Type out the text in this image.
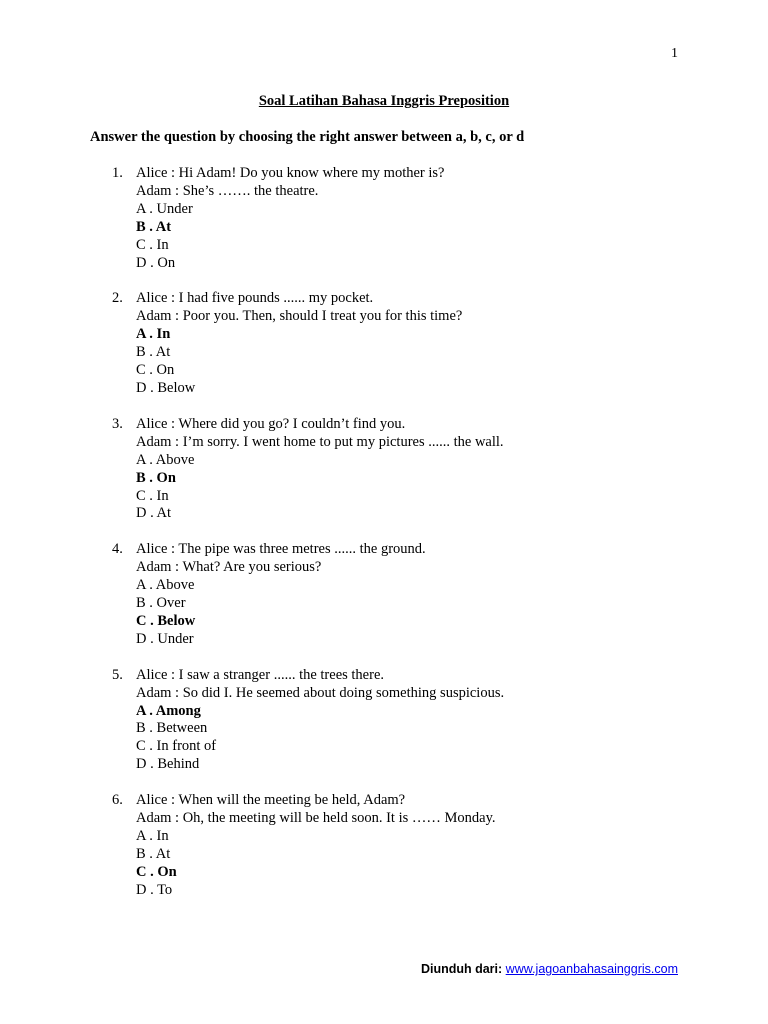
1
Soal Latihan Bahasa Inggris Preposition
Answer the question by choosing the right answer between a, b, c, or d
1. Alice : Hi Adam! Do you know where my mother is?
Adam : She’s ……. the theatre.
A . Under
B . At
C . In
D . On
2. Alice : I had five pounds ...... my pocket.
Adam : Poor you. Then, should I treat you for this time?
A . In
B . At
C . On
D . Below
3. Alice : Where did you go? I couldn’t find you.
Adam : I’m sorry. I went home to put my pictures ...... the wall.
A . Above
B . On
C . In
D . At
4. Alice : The pipe was three metres ...... the ground.
Adam : What? Are you serious?
A . Above
B . Over
C . Below
D . Under
5. Alice : I saw a stranger ...... the trees there.
Adam : So did I. He seemed about doing something suspicious.
A . Among
B . Between
C . In front of
D . Behind
6. Alice : When will the meeting be held, Adam?
Adam : Oh, the meeting will be held soon. It is …… Monday.
A . In
B . At
C . On
D . To
Diunduh dari: www.jagoanbahasainggris.com
